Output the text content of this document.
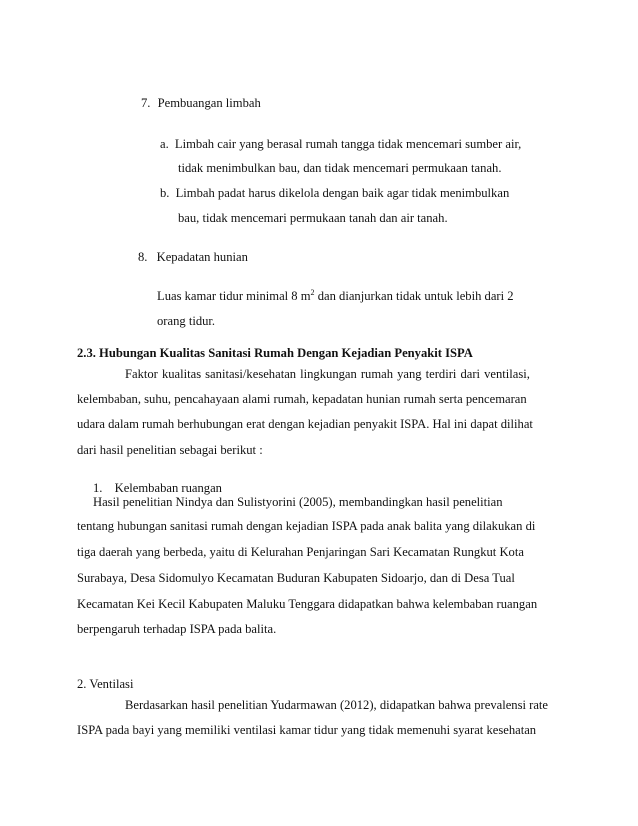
7. Pembuangan limbah
a. Limbah cair yang berasal rumah tangga tidak mencemari sumber air,
tidak menimbulkan bau, dan tidak mencemari permukaan tanah.
b. Limbah padat harus dikelola dengan baik agar tidak menimbulkan
bau, tidak mencemari permukaan tanah dan air tanah.
8. Kepadatan hunian
Luas kamar tidur minimal 8 $m^2$ dan dianjurkan tidak untuk lebih dari 2
orang tidur.
2.3. Hubungan Kualitas Sanitasi Rumah Dengan Kejadian Penyakit ISPA
Faktor kualitas sanitasi/kesehatan lingkungan rumah yang terdiri dari ventilasi,
kelembaban, suhu, pencahayaan alami rumah, kepadatan hunian rumah serta pencemaran
udara dalam rumah berhubungan erat dengan kejadian penyakit ISPA. Hal ini dapat dilihat
dari hasil penelitian sebagai berikut :
1. Kelembaban ruangan
Hasil penelitian Nindya dan Sulistyorini (2005), membandingkan hasil penelitian
tentang hubungan sanitasi rumah dengan kejadian ISPA pada anak balita yang dilakukan di
tiga daerah yang berbeda, yaitu di Kelurahan Penjaringan Sari Kecamatan Rungkut Kota
Surabaya, Desa Sidomulyo Kecamatan Buduran Kabupaten Sidoarjo, dan di Desa Tual
Kecamatan Kei Kecil Kabupaten Maluku Tenggara didapatkan bahwa kelembaban ruangan
berpengaruh terhadap ISPA pada balita.
2. Ventilasi
Berdasarkan hasil penelitian Yudarmawan (2012), didapatkan bahwa prevalensi rate
ISPA pada bayi yang memiliki ventilasi kamar tidur yang tidak memenuhi syarat kesehatan
